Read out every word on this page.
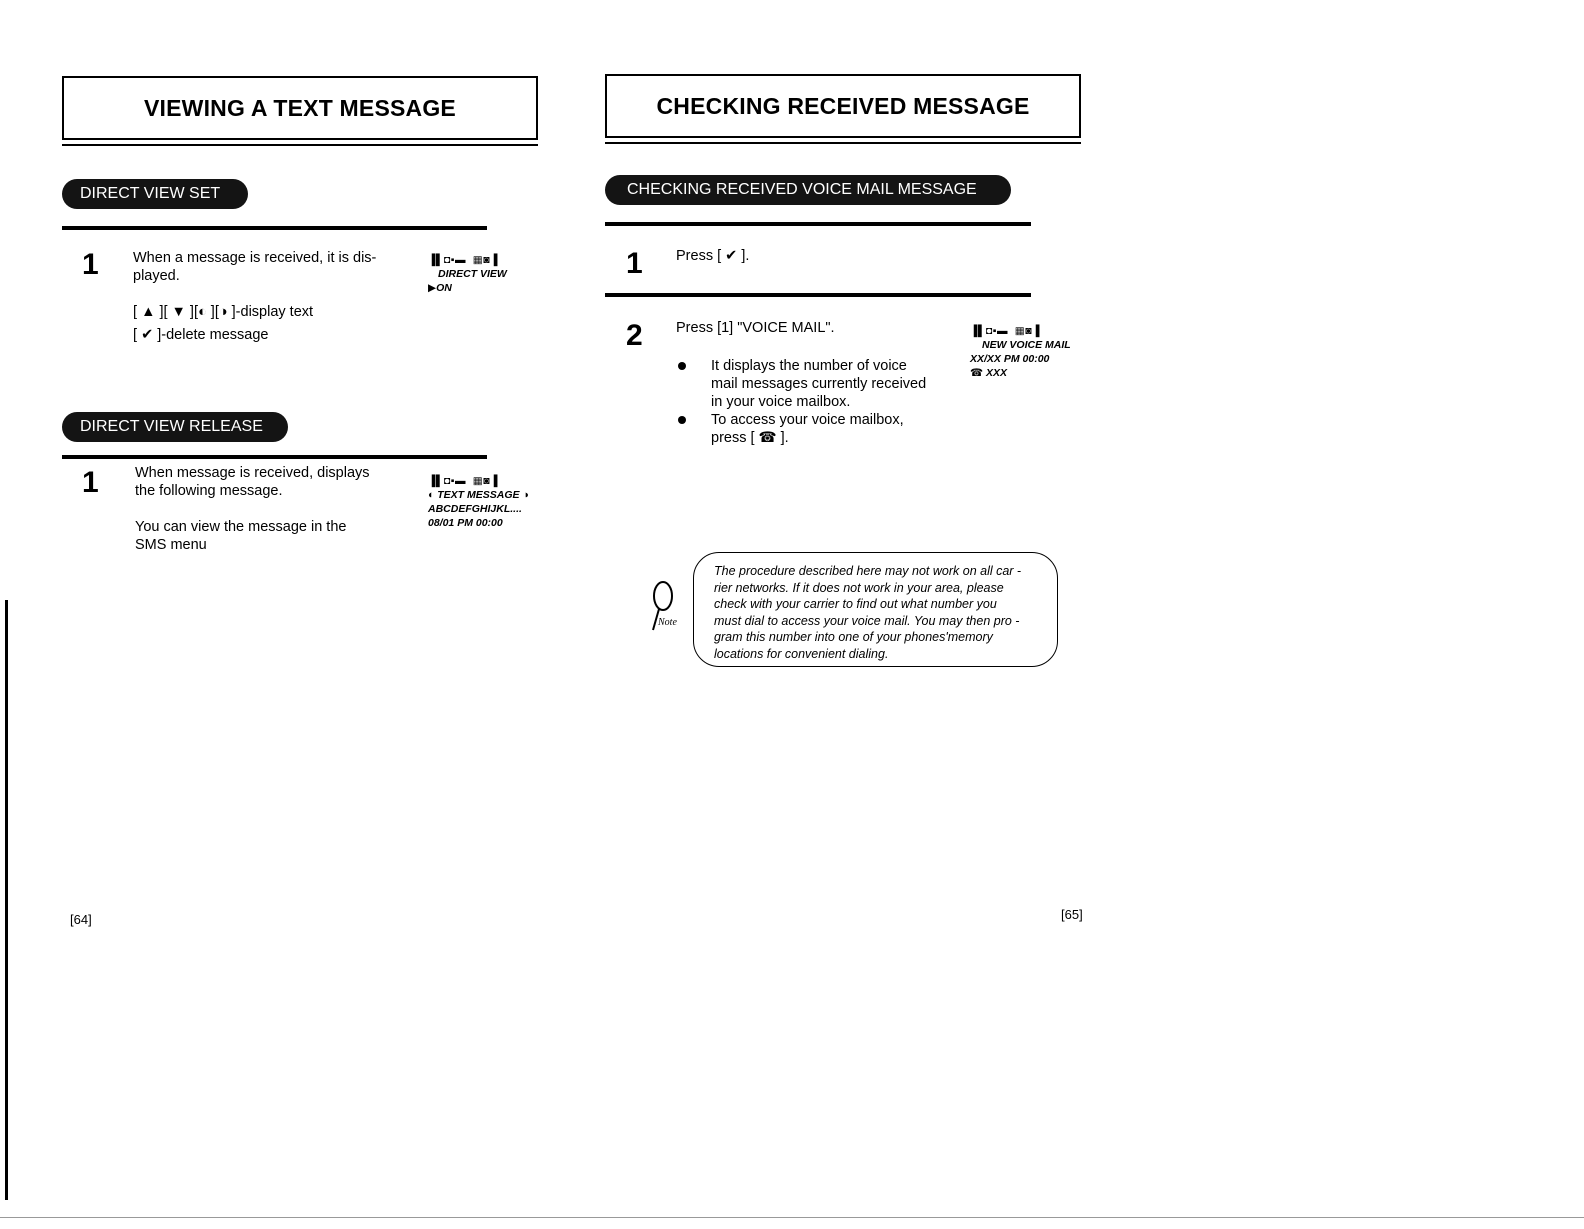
VIEWING A TEXT MESSAGE
DIRECT VIEW SET
1 When a message is received, it is dis-
played.
[ ▲ ][ ▼ ][◐ ][◑ ]-display text
[ ✔ ]-delete message
▐▌◘▪▬  ▦◙▐
DIRECT VIEW
▶ON
DIRECT VIEW RELEASE
1	When message is received, displays
the following message.
You can view the message in the
SMS menu
▐▌◘▪▬  ▦◙▐
◐ TEXT MESSAGE ◑
ABCDEFGHIJKL....
08/01 PM 00:00
[64]
CHECKING RECEIVED MESSAGE
CHECKING RECEIVED VOICE MAIL MESSAGE
1 Press [ ✔ ].
2 Press [1] "VOICE MAIL".
It displays the number of voice
mail messages currently received
in your voice mailbox.
To access your voice mailbox,
press [ ☎ ].
▐▌◘▪▬  ▦◙▐
NEW VOICE MAIL
XX/XX PM 00:00
☎ XXX
Note
The procedure described here may not work on all car -
rier networks. If it does not work in your area, please
check with your carrier to find out what number you
must dial to access your voice mail. You may then pro -
gram this number into one of your phones'memory
locations for convenient dialing.
[65]
